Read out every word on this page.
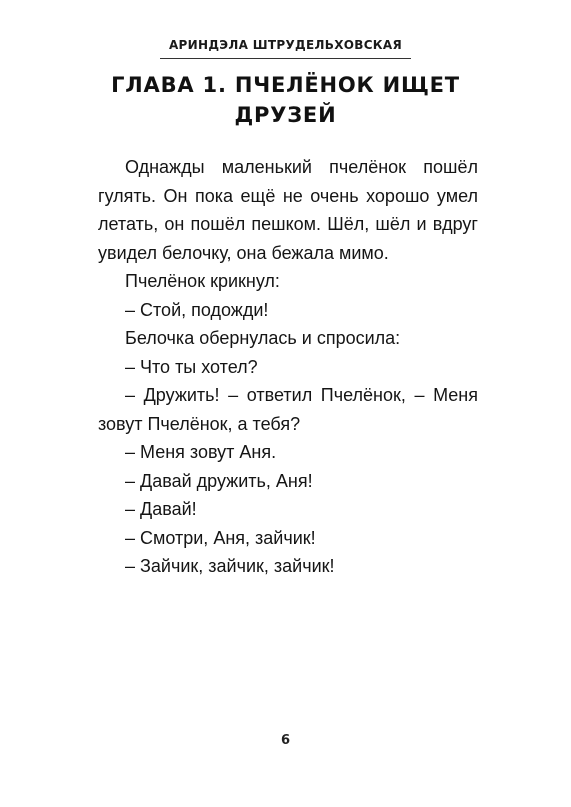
АРИНДЭЛА ШТРУДЕЛЬХОВСКАЯ
ГЛАВА 1. ПЧЕЛЁНОК ИЩЕТ
ДРУЗЕЙ

Однажды маленький пчелёнок пошёл гулять. Он пока ещё не очень хорошо умел летать, он пошёл пешком. Шёл, шёл и вдруг увидел белочку, она бежала мимо.

Пчелёнок крикнул:

– Стой, подожди!

Белочка обернулась и спросила:

– Что ты хотел?

– Дружить! – ответил Пчелёнок, – Меня зовут Пчелёнок, а тебя?

– Меня зовут Аня.

– Давай дружить, Аня!

– Давай!

– Смотри, Аня, зайчик!

– Зайчик, зайчик, зайчик!

6
